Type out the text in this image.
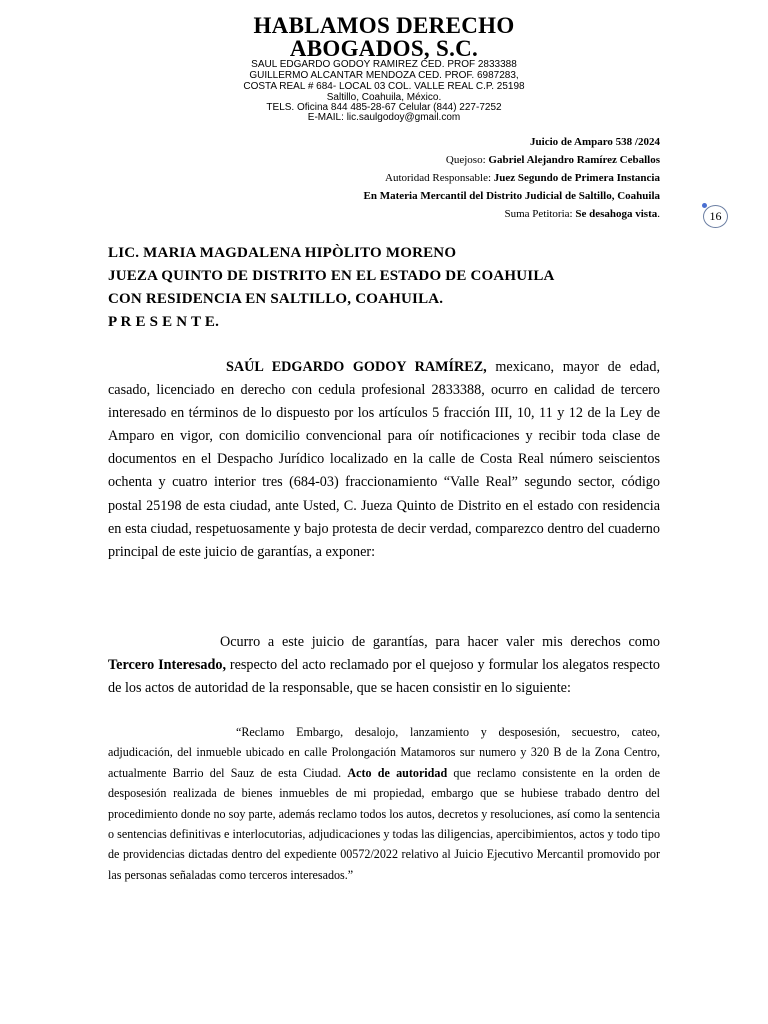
HABLAMOS DERECHO
ABOGADOS, S.C.
SAUL EDGARDO GODOY RAMIREZ CED. PROF 2833388
GUILLERMO ALCANTAR MENDOZA CED. PROF. 6987283,
COSTA REAL # 684- LOCAL 03 COL. VALLE REAL C.P. 25198
Saltillo, Coahuila, México.
TELS. Oficina 844 485-28-67 Celular (844) 227-7252
E-MAIL: lic.saulgodoy@gmail.com
Juicio de Amparo 538 /2024
Quejoso: Gabriel Alejandro Ramírez Ceballos
Autoridad Responsable: Juez Segundo de Primera Instancia
En Materia Mercantil del Distrito Judicial de Saltillo, Coahuila
Suma Petitoria: Se desahoga vista.	16
LIC. MARIA MAGDALENA HIPÒLITO MORENO
JUEZA QUINTO DE DISTRITO EN EL ESTADO DE COAHUILA
CON RESIDENCIA EN SALTILLO, COAHUILA.
P R E S E N T E.
SAÚL EDGARDO GODOY RAMÍREZ, mexicano, mayor de edad, casado, licenciado en derecho con cedula profesional 2833388, ocurro en calidad de tercero interesado en términos de lo dispuesto por los artículos 5 fracción III, 10, 11 y 12 de la Ley de Amparo en vigor, con domicilio convencional para oír notificaciones y recibir toda clase de documentos en el Despacho Jurídico localizado en la calle de Costa Real número seiscientos ochenta y cuatro interior tres (684-03) fraccionamiento “Valle Real” segundo sector, código postal 25198 de esta ciudad, ante Usted, C. Jueza Quinto de Distrito en el estado con residencia en esta ciudad, respetuosamente y bajo protesta de decir verdad, comparezco dentro del cuaderno principal de este juicio de garantías, a exponer:
Ocurro a este juicio de garantías, para hacer valer mis derechos como Tercero Interesado, respecto del acto reclamado por el quejoso y formular los alegatos respecto de los actos de autoridad de la responsable, que se hacen consistir en lo siguiente:
“Reclamo Embargo, desalojo, lanzamiento y desposesión, secuestro, cateo, adjudicación, del inmueble ubicado en calle Prolongación Matamoros sur numero y 320 B de la Zona Centro, actualmente Barrio del Sauz de esta Ciudad. Acto de autoridad que reclamo consistente en la orden de desposesión realizada de bienes inmuebles de mi propiedad, embargo que se hubiese trabado dentro del procedimiento donde no soy parte, además reclamo todos los autos, decretos y resoluciones, así como la sentencia o sentencias definitivas e interlocutorias, adjudicaciones y todas las diligencias, apercibimientos, actos y todo tipo de providencias dictadas dentro del expediente 00572/2022 relativo al Juicio Ejecutivo Mercantil promovido por las personas señaladas como terceros interesados.”
